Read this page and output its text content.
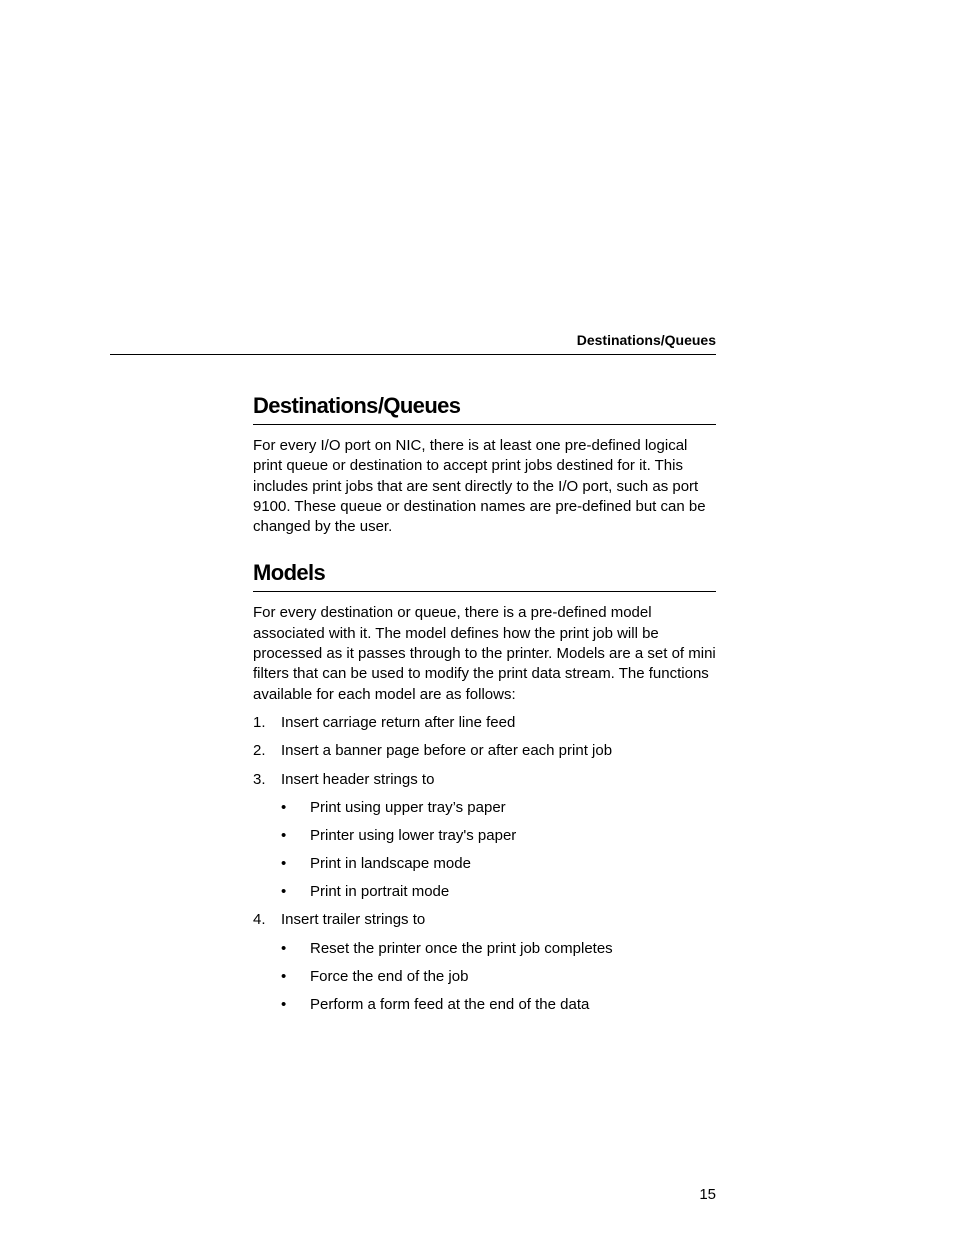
Destinations/Queues
Destinations/Queues

For every I/O port on NIC, there is at least one pre-defined logical print queue or destination to accept print jobs destined for it. This includes print jobs that are sent directly to the I/O port, such as port 9100. These queue or destination names are pre-defined but can be changed by the user.

Models

For every destination or queue, there is a pre-defined model associated with it. The model defines how the print job will be processed as it passes through to the printer. Models are a set of mini filters that can be used to modify the print data stream. The functions available for each model are as follows:

1.	Insert carriage return after line feed
2.	Insert a banner page before or after each print job
3.	Insert header strings to
•	Print using upper tray’s paper
•	Printer using lower tray's paper
•	Print in landscape mode
•	Print in portrait mode
4.	Insert trailer strings to
•	Reset the printer once the print job completes
•	Force the end of the job
•	Perform a form feed at the end of the data
15
